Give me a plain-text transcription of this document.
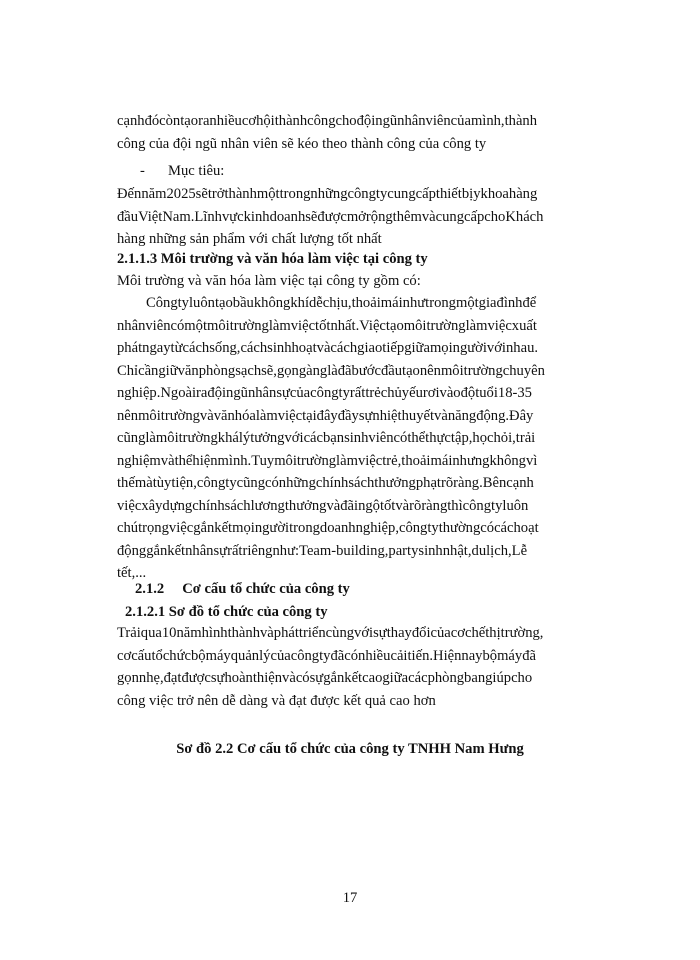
cạnhđócòntạoranhiềucơhộithànhcôngchođộingũnhânviêncủamình,thành
công của đội ngũ nhân viên sẽ kéo theo thành công của công ty
- Mục tiêu:
Đếnnăm2025sẽtrởthànhmộttrongnhữngcôngtycungcấpthiếtbịykhoahàng
đầuViệtNam.LĩnhvựckinhdoanhsẽđượcmởrộngthêmvàcungcấpchoKhách
hàng những sản phẩm với chất lượng tốt nhất
2.1.1.3 Môi trường và văn hóa làm việc tại công ty
Môi trường và văn hóa làm việc tại công ty gồm có:
Côngtyluôntạobầukhôngkhídễchịu,thoảimáinhưtrongmộtgiađìnhđể
nhânviêncómộtmôitrườnglàmviệctốtnhất.Việctạomôitrườnglàmviệcxuất
phátngaytừcáchsống,cáchsinhhoạtvàcáchgiaotiếpgiữamọingườivớinhau.
Chỉcầngiữvănphòngsạchsẽ,gọngànglàđãbướcđầutạonênmôitrườngchuyên
nghiệp.Ngoàirađộingũnhânsựcủacôngtyrấttrẻchủyếurơivàođộtuổi18-35
nênmôitrườngvàvănhóalàmviệctạiđâyđầysựnhiệthuyếtvànăngđộng.Đây
cũnglàmôitrườngkhálýtưởngvớicácbạnsinhviêncóthểthựctập,họchỏi,trải
nghiệmvàthểhiệnmình.Tuymôitrườnglàmviệctrẻ,thoảimáinhưngkhôngvì
thếmàtùytiện,côngtycũngcónhữngchínhsáchthưởngphạtrõràng.Bêncạnh
việcxâydựngchínhsáchlươngthưởngvàđãingộtốtvàrõràngthìcôngtyluôn
chútrọngviệcgắnkếtmọingườitrongdoanhnghiệp,côngtythườngcócáchoạt
độnggắnkếtnhânsựrấtriêngnhư:Team-building,partysinhnhật,dulịch,Lễ
tết,...
2.1.2 Cơ cấu tổ chức của công ty
2.1.2.1 Sơ đồ tổ chức của công ty
Trảiqua10nămhìnhthànhvàpháttriểncùngvớisựthayđổicủacơchếthịtrường,
cơcấutổchứcbộmáyquảnlýcủacôngtyđãcónhiềucảitiến.Hiệnnaybộmáyđã
gọnnhẹ,đạtđượcsựhoànthiệnvàcósựgắnkếtcaogiữacácphòngbangiúpcho
công việc trở nên dễ dàng và đạt được kết quả cao hơn
Sơ đồ 2.2 Cơ cấu tổ chức của công ty TNHH Nam Hưng
17
